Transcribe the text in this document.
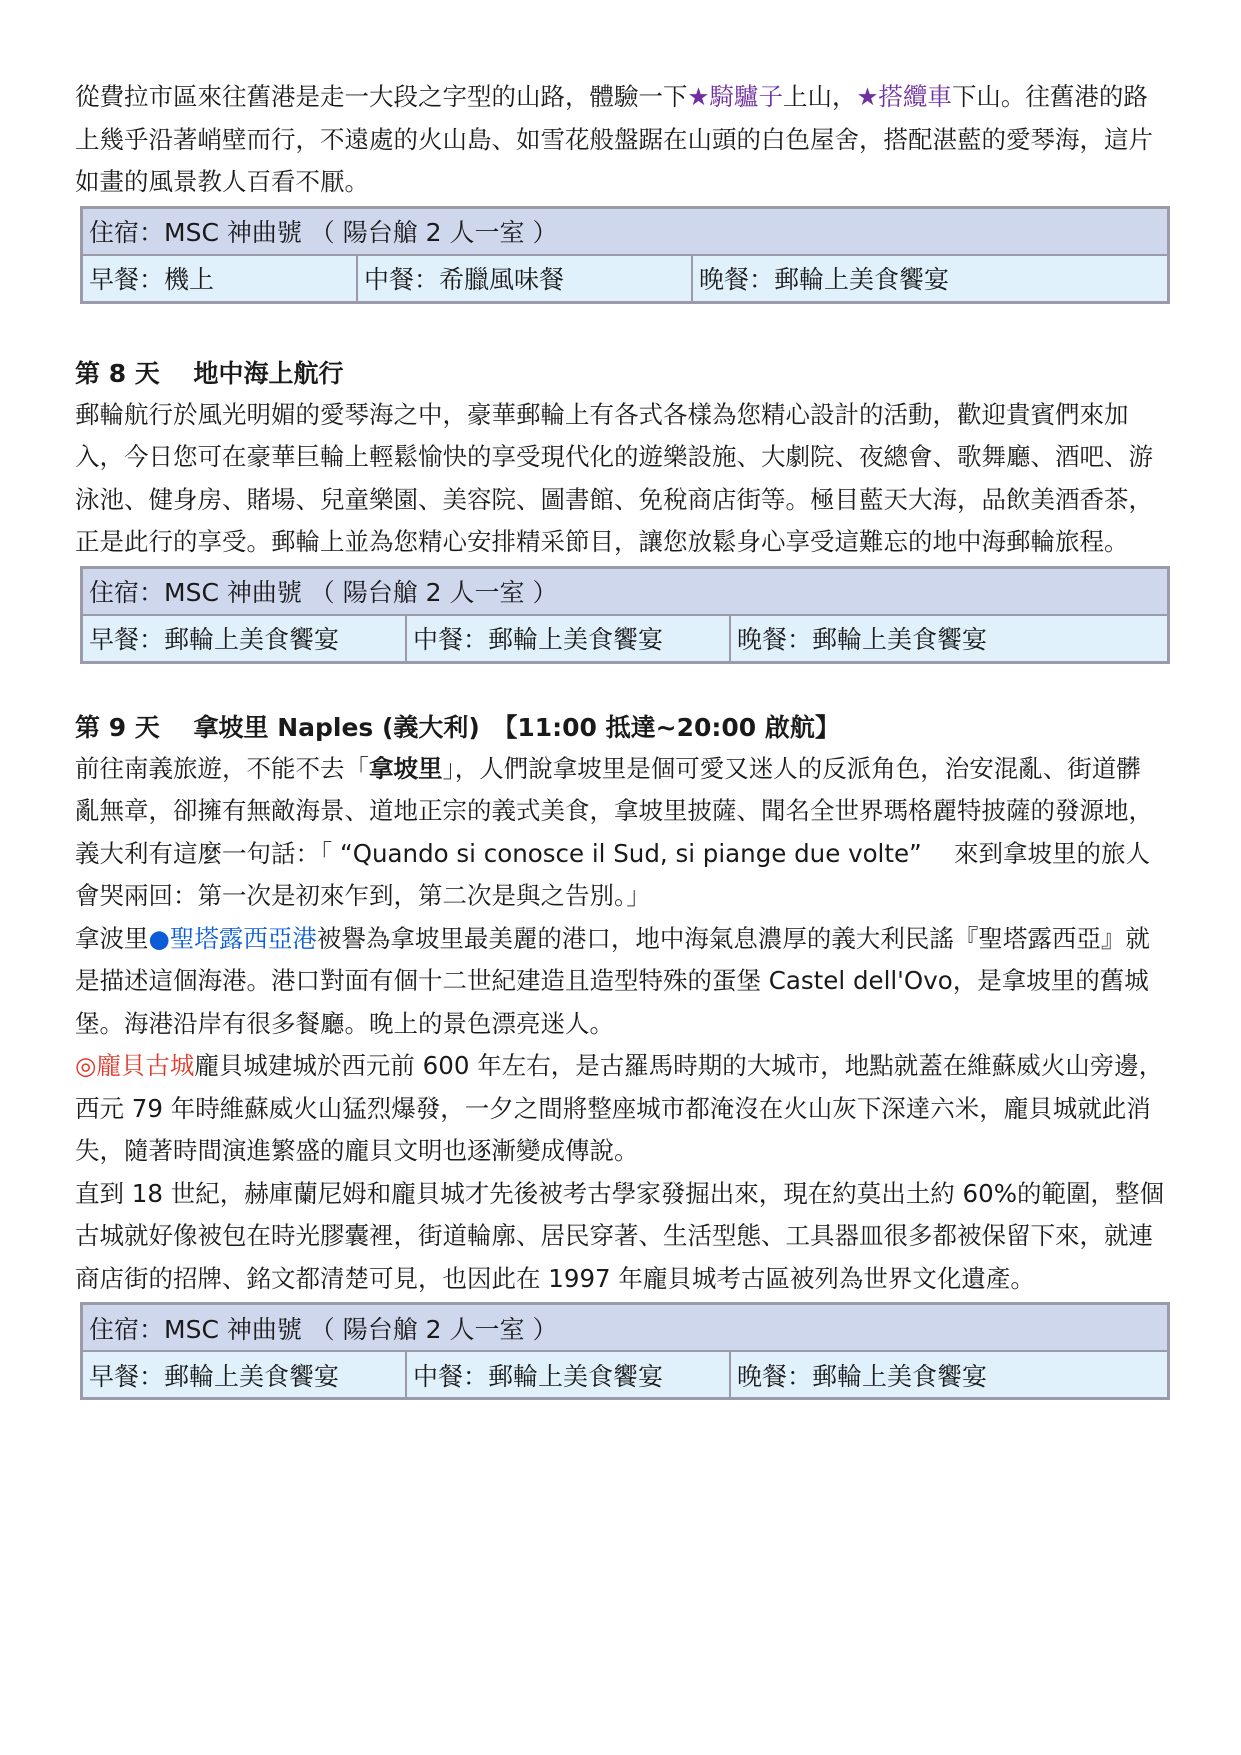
從費拉市區來往舊港是走一大段之字型的山路，體驗一下★騎驢子上山，★搭纜車下山。往舊港的路上幾乎沿著峭壁而行，不遠處的火山島、如雪花般盤踞在山頭的白色屋舍，搭配湛藍的愛琴海，這片如畫的風景教人百看不厭。

住宿：MSC 神曲號 （ 陽台艙 2 人一室 ）
早餐：機上	中餐：希臘風味餐	晚餐：郵輪上美食饗宴

第 8 天　 地中海上航行

郵輪航行於風光明媚的愛琴海之中，豪華郵輪上有各式各樣為您精心設計的活動，歡迎貴賓們來加入，今日您可在豪華巨輪上輕鬆愉快的享受現代化的遊樂設施、大劇院、夜總會、歌舞廳、酒吧、游泳池、健身房、賭場、兒童樂園、美容院、圖書館、免稅商店街等。極目藍天大海，品飲美酒香茶，正是此行的享受。郵輪上並為您精心安排精采節目，讓您放鬆身心享受這難忘的地中海郵輪旅程。

住宿：MSC 神曲號 （ 陽台艙 2 人一室 ）
早餐：郵輪上美食饗宴	中餐：郵輪上美食饗宴	晚餐：郵輪上美食饗宴

第 9 天　 拿坡里 Naples (義大利)　【11:00 抵達~20:00 啟航】

前往南義旅遊，不能不去「拿坡里」，人們說拿坡里是個可愛又迷人的反派角色，治安混亂、街道髒亂無章，卻擁有無敵海景、道地正宗的義式美食，拿坡里披薩、聞名全世界瑪格麗特披薩的發源地，義大利有這麼一句話：「 “Quando si conosce il Sud, si piange due volte”　 來到拿坡里的旅人會哭兩回：第一次是初來乍到，第二次是與之告別。」

拿波里●聖塔露西亞港被譽為拿坡里最美麗的港口，地中海氣息濃厚的義大利民謠『聖塔露西亞』就是描述這個海港。港口對面有個十二世紀建造且造型特殊的蛋堡 Castel dell'Ovo，是拿坡里的舊城堡。海港沿岸有很多餐廳。晚上的景色漂亮迷人。

◎龐貝古城龐貝城建城於西元前 600 年左右，是古羅馬時期的大城市，地點就蓋在維蘇威火山旁邊，西元 79 年時維蘇威火山猛烈爆發，一夕之間將整座城市都淹沒在火山灰下深達六米，龐貝城就此消失，隨著時間演進繁盛的龐貝文明也逐漸變成傳說。

直到 18 世紀，赫庫蘭尼姆和龐貝城才先後被考古學家發掘出來，現在約莫出土約 60%的範圍，整個古城就好像被包在時光膠囊裡，街道輪廓、居民穿著、生活型態、工具器皿很多都被保留下來，就連商店街的招牌、銘文都清楚可見，也因此在 1997 年龐貝城考古區被列為世界文化遺產。

住宿：MSC 神曲號 （ 陽台艙 2 人一室 ）
早餐：郵輪上美食饗宴	中餐：郵輪上美食饗宴	晚餐：郵輪上美食饗宴
